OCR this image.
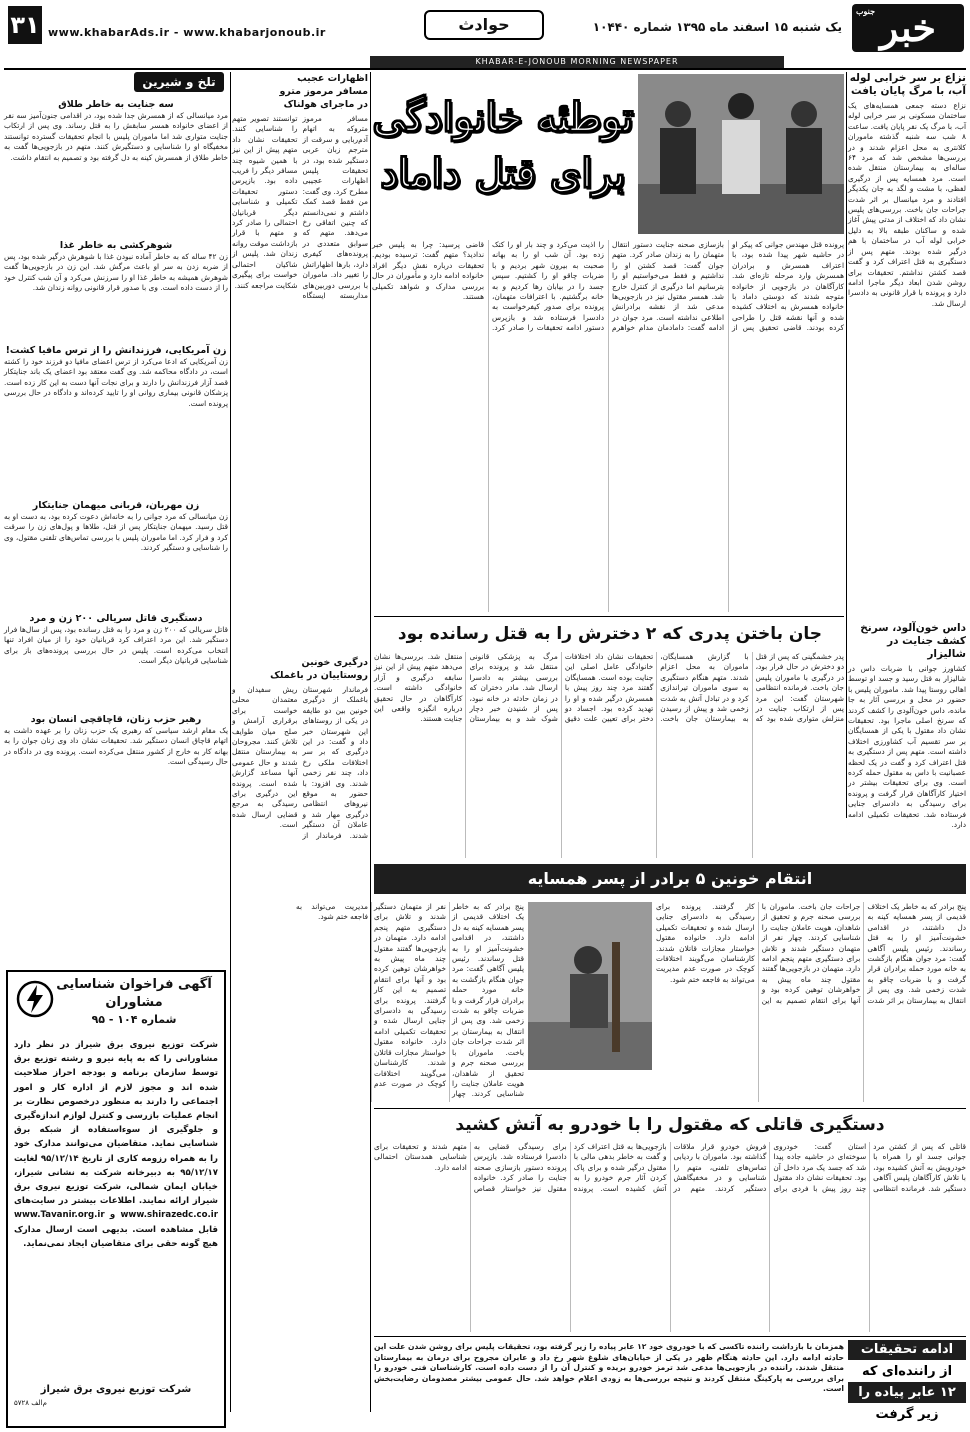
جنوب خبر
یک شنبه ۱۵ اسفند ماه ۱۳۹۵ شماره ۱۰۴۴۰
حوادث
www.khabarAds.ir - www.khabarjonoub.ir
۳۱
KHABAR-E-JONOUB MORNING NEWSPAPER
نزاع بر سر خرابی لوله
آب، با مرگ پایان یافت
نزاع دسته جمعی همسایه‌های یک ساختمان مسکونی بر سر خرابی لوله آب، با مرگ یک نفر پایان یافت. ساعت ۸ شب سه شنبه گذشته ماموران کلانتری به محل اعزام شدند و در بررسی‌ها مشخص شد که مرد ۶۴ ساله‌ای به بیمارستان منتقل شده است. مرد همسایه پس از درگیری لفظی، با مشت و لگد به جان یکدیگر افتادند و مرد میانسال بر اثر شدت جراحات جان باخت. بررسی‌های پلیس نشان داد که اختلاف از مدتی پیش آغاز شده و ساکنان طبقه بالا به دلیل خرابی لوله آب در ساختمان با هم درگیر شده بودند. متهم پس از دستگیری به قتل اعتراف کرد و گفت قصد کشتن نداشتم. تحقیقات برای روشن شدن ابعاد دیگر ماجرا ادامه دارد و پرونده با قرار قانونی به دادسرا ارسال شد.
داس خون‌آلود، سرنخ
کشف جنایت در شالیزار
کشاورز جوانی با ضربات داس در شالیزار به قتل رسید و جسد او توسط اهالی روستا پیدا شد. ماموران پلیس با حضور در محل و بررسی آثار به جا مانده، داس خون‌آلودی را کشف کردند که سرنخ اصلی ماجرا بود. تحقیقات نشان داد مقتول با یکی از همسایگان بر سر تقسیم آب کشاورزی اختلاف داشته است. متهم پس از دستگیری به قتل اعتراف کرد و گفت در یک لحظه عصبانیت با داس به مقتول حمله کرده است. وی برای تحقیقات بیشتر در اختیار کارآگاهان قرار گرفت و پرونده برای رسیدگی به دادسرای جنایی فرستاده شد. تحقیقات تکمیلی ادامه دارد.
توطئه خانوادگی برای قتل داماد
پرونده قتل مهندس جوانی که پیکر او در حاشیه شهر پیدا شده بود، با اعتراف همسرش و برادران همسرش وارد مرحله تازه‌ای شد. کارآگاهان در بازجویی از خانواده متوجه شدند که دوستی داماد با خانواده همسرش به اختلاف کشیده شده و آنها نقشه قتل را طراحی کرده بودند. قاضی تحقیق پس از بازسازی صحنه جنایت دستور انتقال متهمان را به زندان صادر کرد. متهم جوان گفت: قصد کشتن او را نداشتیم و فقط می‌خواستیم او را بترسانیم اما درگیری از کنترل خارج شد. همسر مقتول نیز در بازجویی‌ها مدعی شد از نقشه برادرانش اطلاعی نداشته است. مرد جوان در ادامه گفت: دامادمان مدام خواهرم را اذیت می‌کرد و چند بار او را کتک زده بود. آن شب او را به بهانه صحبت به بیرون شهر بردیم و با ضربات چاقو او را کشتیم. سپس جسد را در بیابان رها کردیم و به خانه برگشتیم. با اعترافات متهمان، پرونده برای صدور کیفرخواست به دادسرا فرستاده شد و بازپرس دستور ادامه تحقیقات را صادر کرد. قاضی پرسید: چرا به پلیس خبر ندادید؟ متهم گفت: ترسیده بودیم. تحقیقات درباره نقش دیگر افراد خانواده ادامه دارد و مأموران در حال بررسی مدارک و شواهد تکمیلی هستند.
اظهارات عجیب
مسافر مرموز مترو
در ماجرای هولناک
مسافر مرموز متروکه به اتهام آدم‌ربایی و سرقت از مترجم زبان عربی دستگیر شده بود، در تحقیقات پلیس اظهارات عجیبی مطرح کرد. وی گفت: من فقط قصد کمک داشتم و نمی‌دانستم که چنین اتفاقی رخ می‌دهد. متهم که سوابق متعددی در پرونده‌های کیفری دارد، بارها اظهاراتش را تغییر داد. ماموران با بررسی دوربین‌های مداربسته ایستگاه توانستند تصویر متهم را شناسایی کنند. تحقیقات نشان داد متهم پیش از این نیز با همین شیوه چند مسافر دیگر را فریب داده بود. بازپرس دستور تحقیقات تکمیلی و شناسایی دیگر قربانیان احتمالی را صادر کرد و متهم با قرار بازداشت موقت روانه زندان شد. پلیس از شاکیان احتمالی خواست برای پیگیری شکایت مراجعه کنند.
درگیری خونین
روستاییان در باغملک
فرماندار شهرستان باغملک از درگیری خونین بین دو طایفه در یکی از روستاهای این شهرستان خبر داد و گفت: در این درگیری که بر سر اختلافات ملکی رخ داد، چند نفر زخمی شدند. وی افزود: با حضور به موقع نیروهای انتظامی درگیری مهار شد و عاملان آن دستگیر شدند. فرماندار از ریش سفیدان و معتمدان محلی خواست برای برقراری آرامش و صلح میان طوایف تلاش کنند. مجروحان به بیمارستان منتقل شدند و حال عمومی آنها مساعد گزارش شده است. پرونده این درگیری برای رسیدگی به مرجع قضایی ارسال شده است.
تلخ و شیرین
سه جنایت به خاطر طلاق
مرد میانسالی که از همسرش جدا شده بود، در اقدامی جنون‌آمیز سه نفر از اعضای خانواده همسر سابقش را به قتل رساند. وی پس از ارتکاب جنایت متواری شد اما ماموران پلیس با انجام تحقیقات گسترده توانستند مخفیگاه او را شناسایی و دستگیرش کنند. متهم در بازجویی‌ها گفت به خاطر طلاق از همسرش کینه به دل گرفته بود و تصمیم به انتقام داشت.
شوهرکشی به خاطر غذا
زن ۴۲ ساله که به خاطر آماده نبودن غذا با شوهرش درگیر شده بود، پس از ضربه زدن به سر او باعث مرگش شد. این زن در بازجویی‌ها گفت شوهرش همیشه به خاطر غذا او را سرزنش می‌کرد و آن شب کنترل خود را از دست داده است. وی با صدور قرار قانونی روانه زندان شد.
زن آمریکایی، فرزندانش را از ترس مافیا کشت!
زن آمریکایی که ادعا می‌کرد از ترس اعضای مافیا دو فرزند خود را کشته است، در دادگاه محاکمه شد. وی گفت معتقد بود اعضای یک باند جنایتکار قصد آزار فرزندانش را دارند و برای نجات آنها دست به این کار زده است. پزشکان قانونی بیماری روانی او را تایید کرده‌اند و دادگاه در حال بررسی پرونده است.
زن مهربان، قربانی میهمان جنایتکار
زن میانسالی که مرد جوانی را به خانه‌اش دعوت کرده بود، به دست او به قتل رسید. میهمان جنایتکار پس از قتل، طلاها و پول‌های زن را سرقت کرد و فرار کرد. اما ماموران پلیس با بررسی تماس‌های تلفنی مقتول، وی را شناسایی و دستگیر کردند.
دستگیری قاتل سریالی ۲۰۰ زن و مرد
قاتل سریالی که ۲۰۰ زن و مرد را به قتل رسانده بود، پس از سال‌ها فرار دستگیر شد. این مرد اعتراف کرد قربانیان خود را از میان افراد تنها انتخاب می‌کرده است. پلیس در حال بررسی پرونده‌های باز برای شناسایی قربانیان دیگر است.
رهبر حزب زنان، قاچاقچی انسان بود
یک مقام ارشد سیاسی که رهبری یک حزب زنان را بر عهده داشت به اتهام قاچاق انسان دستگیر شد. تحقیقات نشان داد وی زنان جوان را به بهانه کار به خارج از کشور منتقل می‌کرده است. پرونده وی در دادگاه در حال رسیدگی است.
آگهی فراخوان شناسایی
مشاوران
شماره ۱۰۴ - ۹۵
شرکت توزیع نیروی برق شیراز در نظر دارد مشاورانی را که به پایه نیرو و رشته توزیع برق توسط سازمان برنامه و بودجه احراز صلاحیت شده اند و مجوز لازم از اداره کار و امور اجتماعی را دارند به منظور درخصوص نظارت بر انجام عملیات بازرسی و کنترل لوازم اندازه‌گیری و جلوگیری از سوءاستفاده از شبکه برق شناسایی نماید. متقاضیان می‌توانند مدارک خود را به همراه رزومه کاری از تاریخ ۹۵/۱۲/۱۴ لغایت ۹۵/۱۲/۱۷ به دبیرخانه شرکت به نشانی شیراز، خیابان ایمان شمالی، شرکت توزیع نیروی برق شیراز ارائه نمایند. اطلاعات بیشتر در سایت‌های www.shirazedc.co.ir و www.Tavanir.org.ir قابل مشاهده است. بدیهی است ارسال مدارک هیچ گونه حقی برای متقاضیان ایجاد نمی‌نماید.
شرکت توزیع نیروی برق شیراز
م‌الف ۵۷۲۸
جان باختن پدری که ۲ دخترش را به قتل رسانده بود
پدر خشمگینی که پس از قتل دو دخترش در حال فرار بود، در درگیری با ماموران پلیس جان باخت. فرمانده انتظامی شهرستان گفت: این مرد پس از ارتکاب جنایت در منزلش متواری شده بود که با گزارش همسایگان، ماموران به محل اعزام شدند. متهم هنگام دستگیری به سوی ماموران تیراندازی کرد و در تبادل آتش به شدت زخمی شد و پیش از رسیدن به بیمارستان جان باخت. تحقیقات نشان داد اختلافات خانوادگی عامل اصلی این جنایت بوده است. همسایگان گفتند مرد چند روز پیش با همسرش درگیر شده و او را تهدید کرده بود. اجساد دو دختر برای تعیین علت دقیق مرگ به پزشکی قانونی منتقل شد و پرونده برای بررسی بیشتر به دادسرا ارسال شد. مادر دختران که در زمان حادثه در خانه نبود، پس از شنیدن خبر دچار شوک شد و به بیمارستان منتقل شد. بررسی‌ها نشان می‌دهد متهم پیش از این نیز سابقه درگیری و آزار خانوادگی داشته است. کارآگاهان در حال تحقیق درباره انگیزه واقعی این جنایت هستند.
انتقام خونین ۵ برادر از پسر همسایه
پنج برادر که به خاطر یک اختلاف قدیمی از پسر همسایه کینه به دل داشتند، در اقدامی خشونت‌آمیز او را به قتل رساندند. رئیس پلیس آگاهی گفت: مرد جوان هنگام بازگشت به خانه مورد حمله برادران قرار گرفت و با ضربات چاقو به شدت زخمی شد. وی پس از انتقال به بیمارستان بر اثر شدت جراحات جان باخت. ماموران با بررسی صحنه جرم و تحقیق از شاهدان، هویت عاملان جنایت را شناسایی کردند. چهار نفر از متهمان دستگیر شدند و تلاش برای دستگیری متهم پنجم ادامه دارد. متهمان در بازجویی‌ها گفتند مقتول چند ماه پیش به خواهرشان توهین کرده بود و آنها برای انتقام تصمیم به این کار گرفتند. پرونده برای رسیدگی به دادسرای جنایی ارسال شده و تحقیقات تکمیلی ادامه دارد. خانواده مقتول خواستار مجازات قاتلان شدند. کارشناسان می‌گویند اختلافات کوچک در صورت عدم مدیریت می‌تواند به فاجعه ختم شود.
پنج برادر که به خاطر یک اختلاف قدیمی از پسر همسایه کینه به دل داشتند، در اقدامی خشونت‌آمیز او را به قتل رساندند. رئیس پلیس آگاهی گفت: مرد جوان هنگام بازگشت به خانه مورد حمله برادران قرار گرفت و با ضربات چاقو به شدت زخمی شد. وی پس از انتقال به بیمارستان بر اثر شدت جراحات جان باخت. ماموران با بررسی صحنه جرم و تحقیق از شاهدان، هویت عاملان جنایت را شناسایی کردند. چهار نفر از متهمان دستگیر شدند و تلاش برای دستگیری متهم پنجم ادامه دارد. متهمان در بازجویی‌ها گفتند مقتول چند ماه پیش به خواهرشان توهین کرده بود و آنها برای انتقام تصمیم به این کار گرفتند. پرونده برای رسیدگی به دادسرای جنایی ارسال شده و تحقیقات تکمیلی ادامه دارد. خانواده مقتول خواستار مجازات قاتلان شدند. کارشناسان می‌گویند اختلافات کوچک در صورت عدم مدیریت می‌تواند به فاجعه ختم شود.
دستگیری قاتلی که مقتول را با خودرو به آتش کشید
قاتلی که پس از کشتن مرد جوانی جسد او را همراه با خودرویش به آتش کشیده بود، با تلاش کارآگاهان پلیس آگاهی دستگیر شد. فرمانده انتظامی استان گفت: خودروی سوخته‌ای در حاشیه جاده پیدا شد که جسد یک مرد داخل آن بود. تحقیقات نشان داد مقتول چند روز پیش با فردی برای فروش خودرو قرار ملاقات گذاشته بود. ماموران با ردیابی تماس‌های تلفنی، متهم را شناسایی و در مخفیگاهش دستگیر کردند. متهم در بازجویی‌ها به قتل اعتراف کرد و گفت به خاطر بدهی مالی با مقتول درگیر شده و برای پاک کردن آثار جرم خودرو را به آتش کشیده است. پرونده برای رسیدگی قضایی به دادسرا فرستاده شد. بازپرس پرونده دستور بازسازی صحنه جنایت را صادر کرد. خانواده مقتول نیز خواستار قصاص متهم شدند و تحقیقات برای شناسایی همدستان احتمالی ادامه دارد.
ادامه تحقیقات
از راننده‌ای که
۱۲ عابر پیاده را
زیر گرفت
همزمان با بازداشت راننده تاکسی که با خودروی خود ۱۲ عابر پیاده را زیر گرفته بود، تحقیقات پلیس برای روشن شدن علت این حادثه ادامه دارد. این حادثه هنگام ظهر در یکی از خیابان‌های شلوغ شهر رخ داد و عابران مجروح برای درمان به بیمارستان منتقل شدند. راننده در بازجویی‌ها مدعی شد ترمز خودرو بریده و کنترل آن را از دست داده است. کارشناسان فنی خودرو را برای بررسی به پارکینگ منتقل کردند و نتیجه بررسی‌ها به زودی اعلام خواهد شد. حال عمومی بیشتر مصدومان رضایت‌بخش است.
